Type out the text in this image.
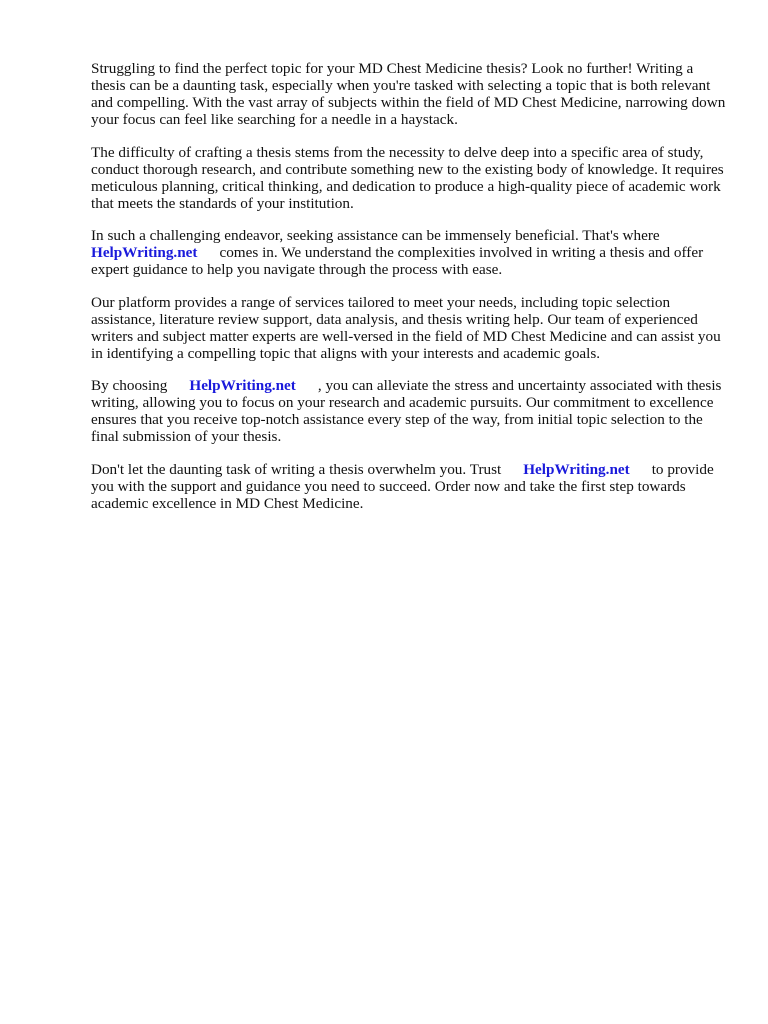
Struggling to find the perfect topic for your MD Chest Medicine thesis? Look no further! Writing a thesis can be a daunting task, especially when you're tasked with selecting a topic that is both relevant and compelling. With the vast array of subjects within the field of MD Chest Medicine, narrowing down your focus can feel like searching for a needle in a haystack.

The difficulty of crafting a thesis stems from the necessity to delve deep into a specific area of study, conduct thorough research, and contribute something new to the existing body of knowledge. It requires meticulous planning, critical thinking, and dedication to produce a high-quality piece of academic work that meets the standards of your institution.

In such a challenging endeavor, seeking assistance can be immensely beneficial. That's where
HelpWriting.net comes in. We understand the complexities involved in writing a thesis and offer expert guidance to help you navigate through the process with ease.

Our platform provides a range of services tailored to meet your needs, including topic selection assistance, literature review support, data analysis, and thesis writing help. Our team of experienced writers and subject matter experts are well-versed in the field of MD Chest Medicine and can assist you in identifying a compelling topic that aligns with your interests and academic goals.

By choosing HelpWriting.net , you can alleviate the stress and uncertainty associated with thesis writing, allowing you to focus on your research and academic pursuits. Our commitment to excellence ensures that you receive top-notch assistance every step of the way, from initial topic selection to the final submission of your thesis.

Don't let the daunting task of writing a thesis overwhelm you. Trust HelpWriting.net to provide you with the support and guidance you need to succeed. Order now and take the first step towards academic excellence in MD Chest Medicine.
